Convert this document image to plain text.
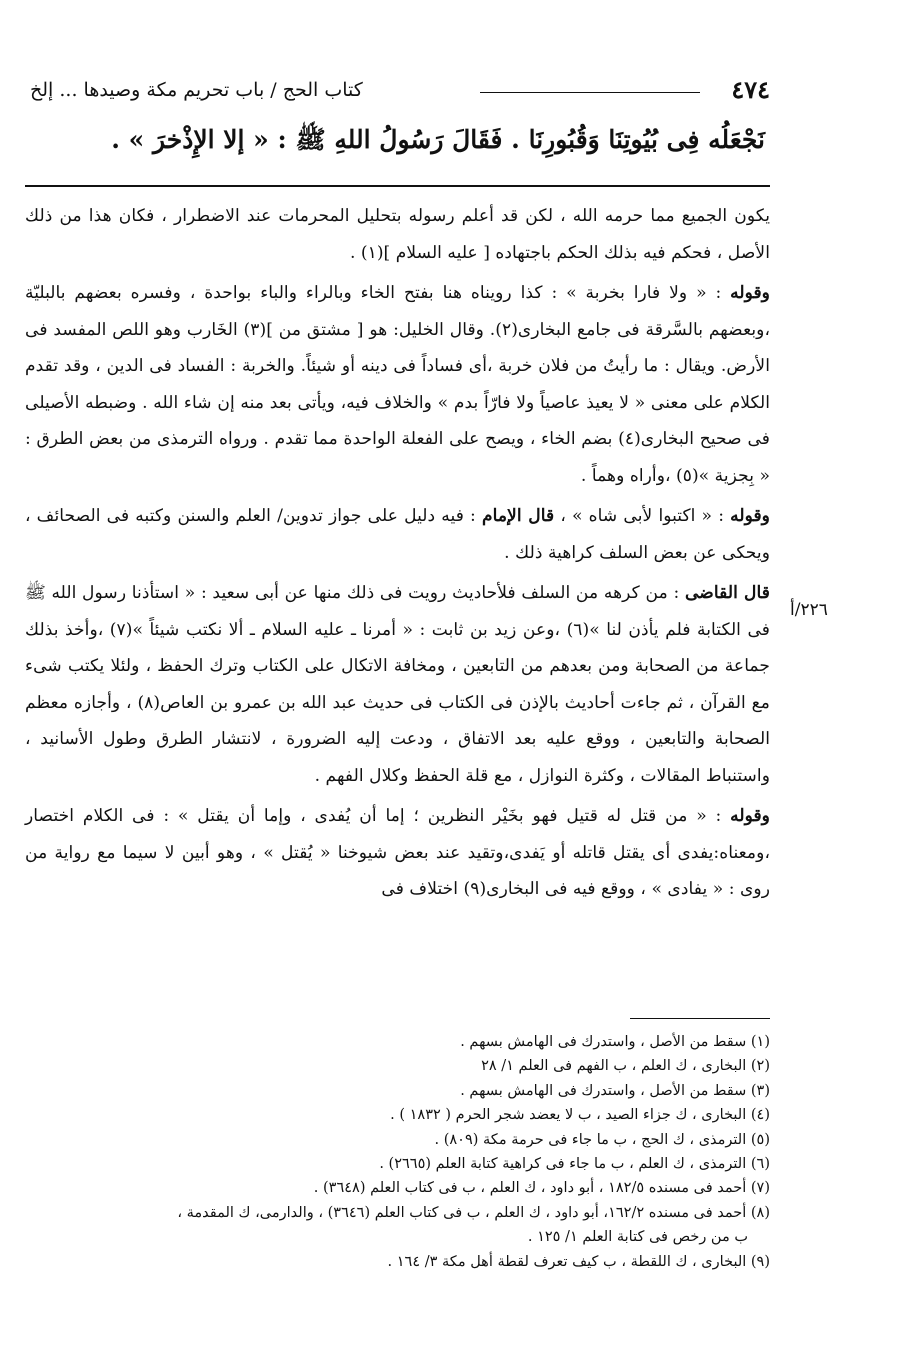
٤٧٤
كتاب الحج / باب تحريم مكة وصيدها ... إلخ
نَجْعَلُه فِى بُيُوتِنَا وَقُبُورِنَا . فَقَالَ رَسُولُ اللهِ ﷺ : « إلا الإِذْخرَ » .
٢٢٦/أ

يكون الجميع مما حرمه الله ، لكن قد أعلم رسوله بتحليل المحرمات عند الاضطرار ، فكان هذا من ذلك الأصل ، فحكم فيه بذلك الحكم باجتهاده [ عليه السلام ](١) .

وقوله : « ولا فارا بخربة » : كذا رويناه هنا بفتح الخاء وبالراء والباء بواحدة ، وفسره بعضهم بالبليّة ،وبعضهم بالسَّرقة فى جامع البخارى(٢). وقال الخليل: هو [ مشتق من ](٣) الخَارب وهو اللص المفسد فى الأرض. ويقال : ما رأيتُ من فلان خربة ،أى فساداً فى دينه أو شيئاً. والخربة : الفساد فى الدين ، وقد تقدم الكلام على معنى « لا يعيذ عاصياً ولا فارّاً بدم » والخلاف فيه، ويأتى بعد منه إن شاء الله . وضبطه الأصيلى فى صحيح البخارى(٤) بضم الخاء ، ويصح على الفعلة الواحدة مما تقدم . ورواه الترمذى من بعض الطرق : « بِجزية »(٥) ،وأراه وهماً .

وقوله : « اكتبوا لأبى شاه » ، قال الإمام : فيه دليل على جواز تدوين/ العلم والسنن وكتبه فى الصحائف ، ويحكى عن بعض السلف كراهية ذلك .

قال القاضى : من كرهه من السلف فلأحاديث رويت فى ذلك منها عن أبى سعيد : « استأذنا رسول الله ﷺ فى الكتابة فلم يأذن لنا »(٦) ،وعن زيد بن ثابت : « أمرنا ـ عليه السلام ـ ألا نكتب شيئاً »(٧) ،وأخذ بذلك جماعة من الصحابة ومن بعدهم من التابعين ، ومخافة الاتكال على الكتاب وترك الحفظ ، ولئلا يكتب شىء مع القرآن ، ثم جاءت أحاديث بالإذن فى الكتاب فى حديث عبد الله بن عمرو بن العاص(٨) ، وأجازه معظم الصحابة والتابعين ، ووقع عليه بعد الاتفاق ، ودعت إليه الضرورة ، لانتشار الطرق وطول الأسانيد ، واستنباط المقالات ، وكثرة النوازل ، مع قلة الحفظ وكلال الفهم .

وقوله : « من قتل له قتيل فهو بخَيْر النظرين ؛ إما أن يُفدى ، وإما أن يقتل » : فى الكلام اختصار ،ومعناه:يفدى أى يقتل قاتله أو يَفدى،وتقيد عند بعض شيوخنا « يُقتل » ، وهو أبين لا سيما مع رواية من روى : « يفادى » ، ووقع فيه فى البخارى(٩) اختلاف فى

(١) سقط من الأصل ، واستدرك فى الهامش بسهم .

(٢) البخارى ، ك العلم ، ب الفهم فى العلم ١/ ٢٨

(٣) سقط من الأصل ، واستدرك فى الهامش بسهم .

(٤) البخارى ، ك جزاء الصيد ، ب لا يعضد شجر الحرم ( ١٨٣٢ ) .

(٥) الترمذى ، ك الحج ، ب ما جاء فى حرمة مكة (٨٠٩) .

(٦) الترمذى ، ك العلم ، ب ما جاء فى كراهية كتابة العلم (٢٦٦٥) .

(٧) أحمد فى مسنده ١٨٢/٥ ، أبو داود ، ك العلم ، ب فى كتاب العلم (٣٦٤٨) .

(٨) أحمد فى مسنده ١٦٢/٢، أبو داود ، ك العلم ، ب فى كتاب العلم (٣٦٤٦) ، والدارمى، ك المقدمة ،

ب من رخص فى كتابة العلم ١/ ١٢٥ .

(٩) البخارى ، ك اللقطة ، ب كيف تعرف لقطة أهل مكة ٣/ ١٦٤ .
